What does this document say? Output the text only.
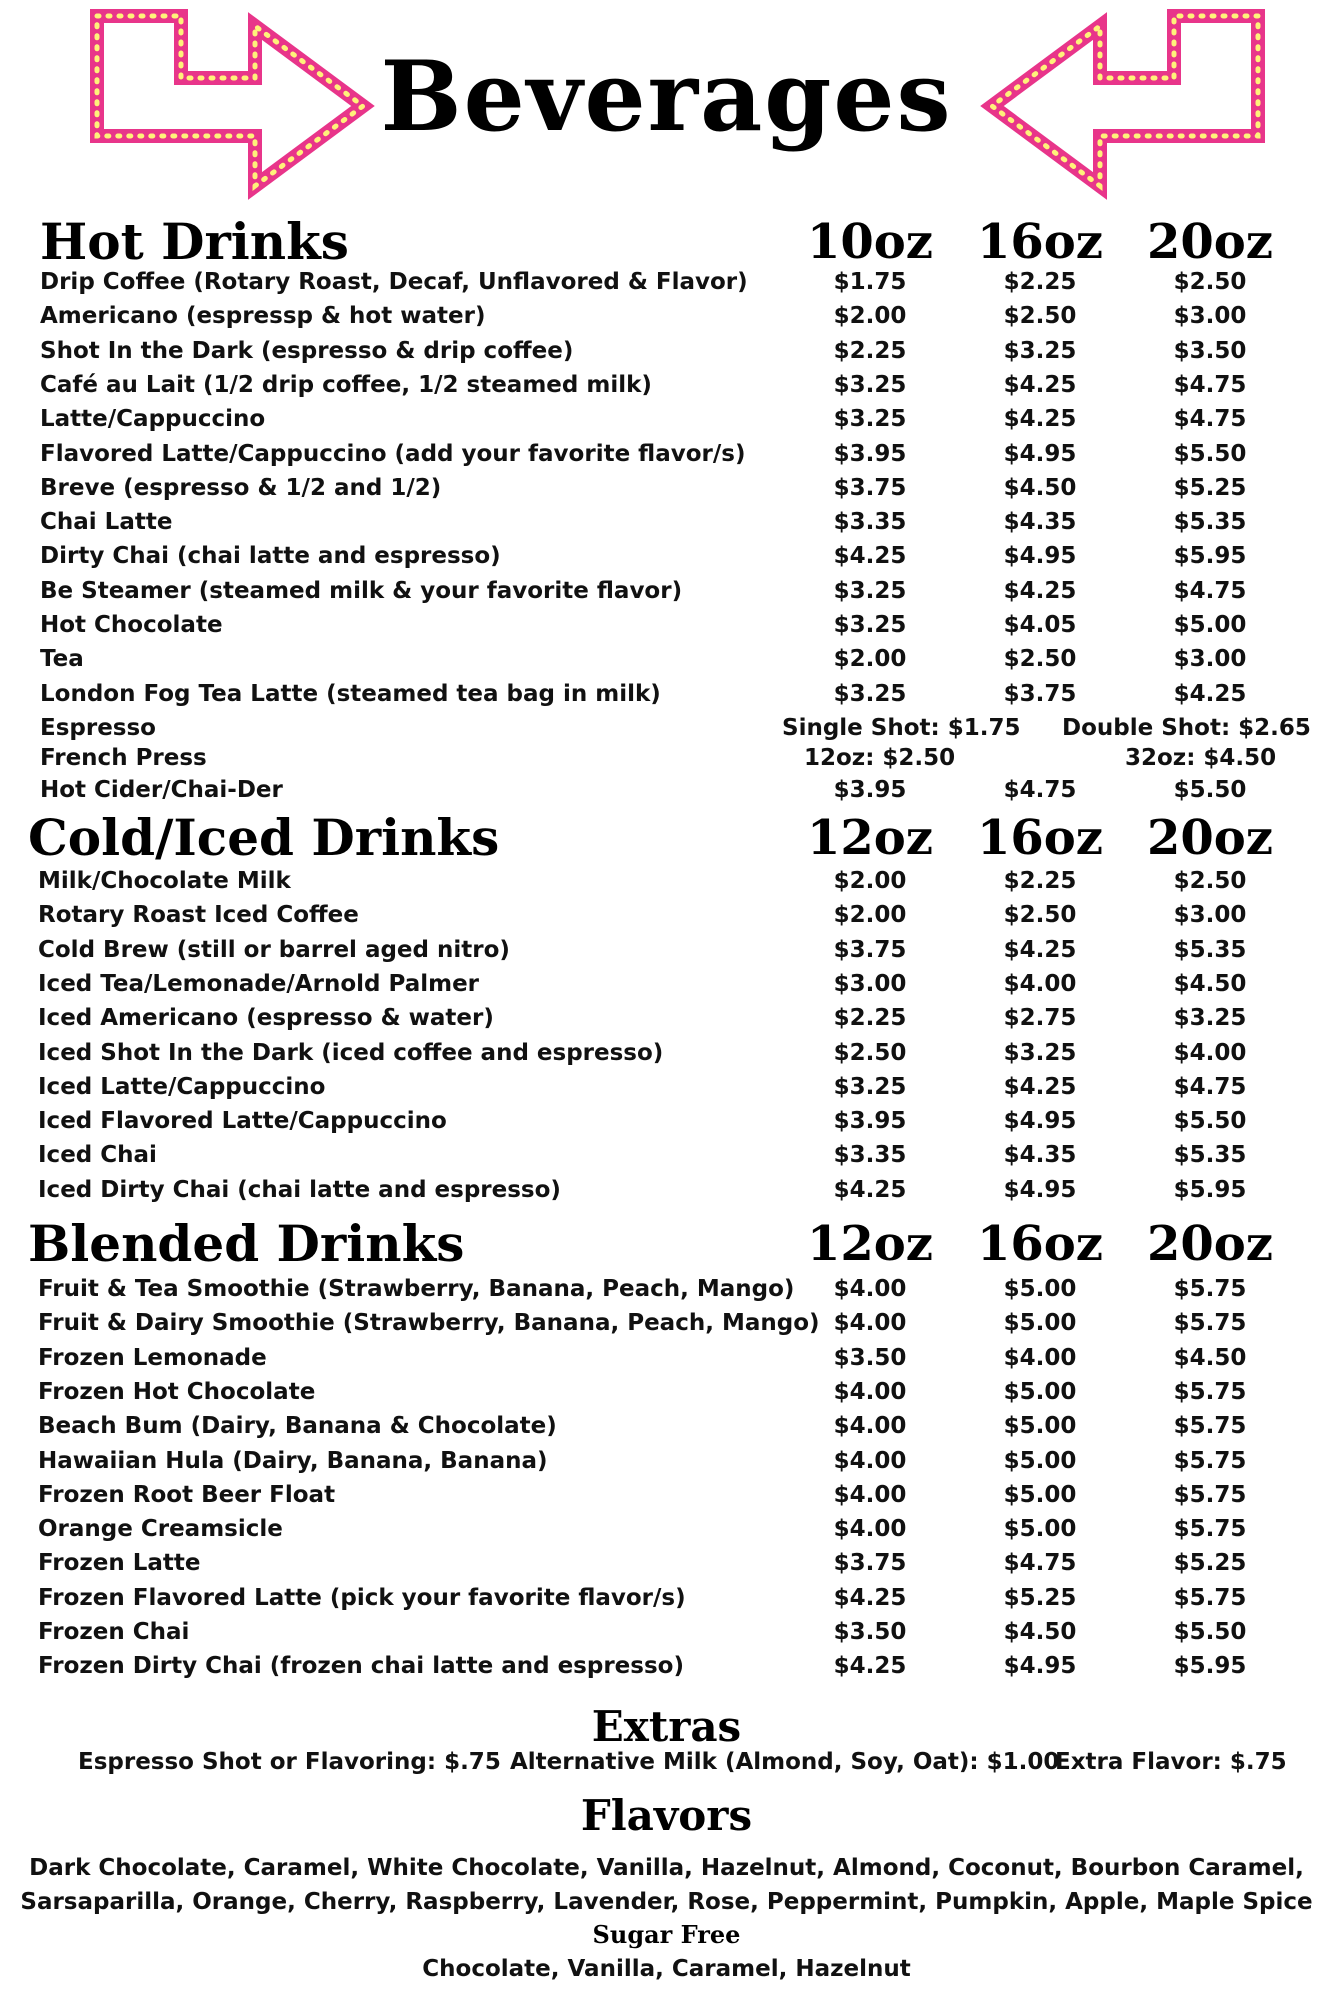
Beverages
Hot Drinks	10oz 16oz 20oz
Drip Coffee (Rotary Roast, Decaf, Unflavored & Flavor)	$1.75	$2.25	$2.50
Americano (espressp & hot water)	$2.00	$2.50	$3.00
Shot In the Dark (espresso & drip coffee)	$2.25	$3.25	$3.50
Café au Lait (1/2 drip coffee, 1/2 steamed milk)	$3.25	$4.25	$4.75
Latte/Cappuccino	$3.25	$4.25	$4.75
Flavored Latte/Cappuccino (add your favorite flavor/s)	$3.95	$4.95	$5.50
Breve (espresso & 1/2 and 1/2)	$3.75	$4.50	$5.25
Chai Latte	$3.35	$4.35	$5.35
Dirty Chai (chai latte and espresso)	$4.25	$4.95	$5.95
Be Steamer (steamed milk & your favorite flavor)	$3.25	$4.25	$4.75
Hot Chocolate	$3.25	$4.05	$5.00
Tea	$2.00	$2.50	$3.00
London Fog Tea Latte (steamed tea bag in milk)	$3.25	$3.75	$4.25
Espresso	Single Shot: $1.75 Double Shot: $2.65
French Press	12oz: $2.50	32oz: $4.50
Hot Cider/Chai-Der	$3.95	$4.75	$5.50
Cold/Iced Drinks	12oz 16oz 20oz
Milk/Chocolate Milk	$2.00	$2.25	$2.50
Rotary Roast Iced Coffee	$2.00	$2.50	$3.00
Cold Brew (still or barrel aged nitro)	$3.75	$4.25	$5.35
Iced Tea/Lemonade/Arnold Palmer	$3.00	$4.00	$4.50
Iced Americano (espresso & water)	$2.25	$2.75	$3.25
Iced Shot In the Dark (iced coffee and espresso)	$2.50	$3.25	$4.00
Iced Latte/Cappuccino	$3.25	$4.25	$4.75
Iced Flavored Latte/Cappuccino	$3.95	$4.95	$5.50
Iced Chai	$3.35	$4.35	$5.35
Iced Dirty Chai (chai latte and espresso)	$4.25	$4.95	$5.95
Blended Drinks	12oz 16oz 20oz
Fruit & Tea Smoothie (Strawberry, Banana, Peach, Mango)	$4.00	$5.00	$5.75
Fruit & Dairy Smoothie (Strawberry, Banana, Peach, Mango) $4.00	$5.00	$5.75
Frozen Lemonade	$3.50	$4.00	$4.50
Frozen Hot Chocolate	$4.00	$5.00	$5.75
Beach Bum (Dairy, Banana & Chocolate)	$4.00	$5.00	$5.75
Hawaiian Hula (Dairy, Banana, Banana)	$4.00	$5.00	$5.75
Frozen Root Beer Float	$4.00	$5.00	$5.75
Orange Creamsicle	$4.00	$5.00	$5.75
Frozen Latte	$3.75	$4.75	$5.25
Frozen Flavored Latte (pick your favorite flavor/s)	$4.25	$5.25	$5.75
Frozen Chai	$3.50	$4.50	$5.50
Frozen Dirty Chai (frozen chai latte and espresso)	$4.25	$4.95	$5.95
Extras
Espresso Shot or Flavoring: $.75 Alternative Milk (Almond, Soy, Oat): $1.00
Extra Flavor: $.75
Flavors
Dark Chocolate, Caramel, White Chocolate, Vanilla, Hazelnut, Almond, Coconut, Bourbon Caramel,
Sarsaparilla, Orange, Cherry, Raspberry, Lavender, Rose, Peppermint, Pumpkin, Apple, Maple Spice
Sugar Free
Chocolate, Vanilla, Caramel, Hazelnut
